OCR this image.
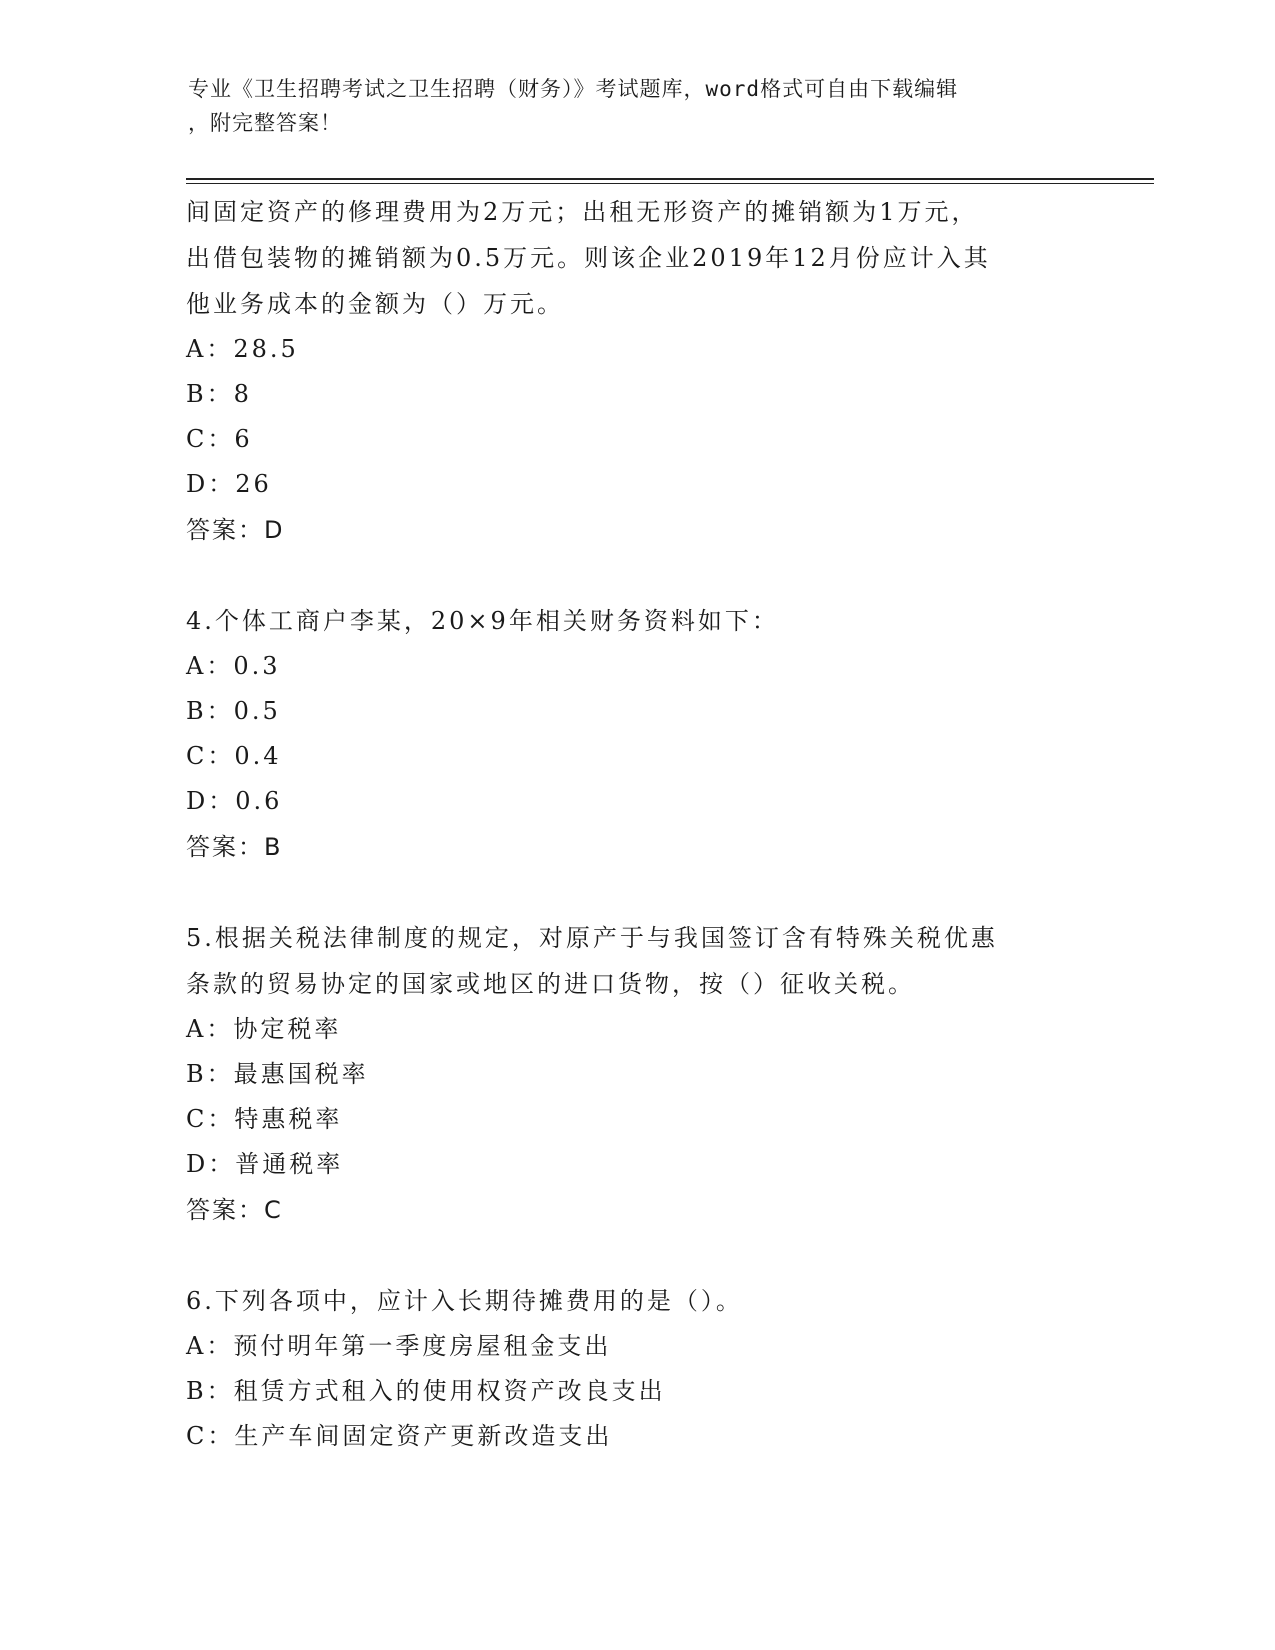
专业《卫生招聘考试之卫生招聘（财务）》考试题库，word格式可自由下载编辑
，附完整答案！
间固定资产的修理费用为2万元；出租无形资产的摊销额为1万元，
出借包装物的摊销额为0.5万元。则该企业2019年12月份应计入其
他业务成本的金额为（）万元。
A：28.5
B：8
C：6
D：26
答案：D
4.个体工商户李某，20×9年相关财务资料如下：
A：0.3
B：0.5
C：0.4
D：0.6
答案：B
5.根据关税法律制度的规定，对原产于与我国签订含有特殊关税优惠
条款的贸易协定的国家或地区的进口货物，按（）征收关税。
A：协定税率
B：最惠国税率
C：特惠税率
D：普通税率
答案：C
6.下列各项中，应计入长期待摊费用的是（）。
A：预付明年第一季度房屋租金支出
B：租赁方式租入的使用权资产改良支出
C：生产车间固定资产更新改造支出
